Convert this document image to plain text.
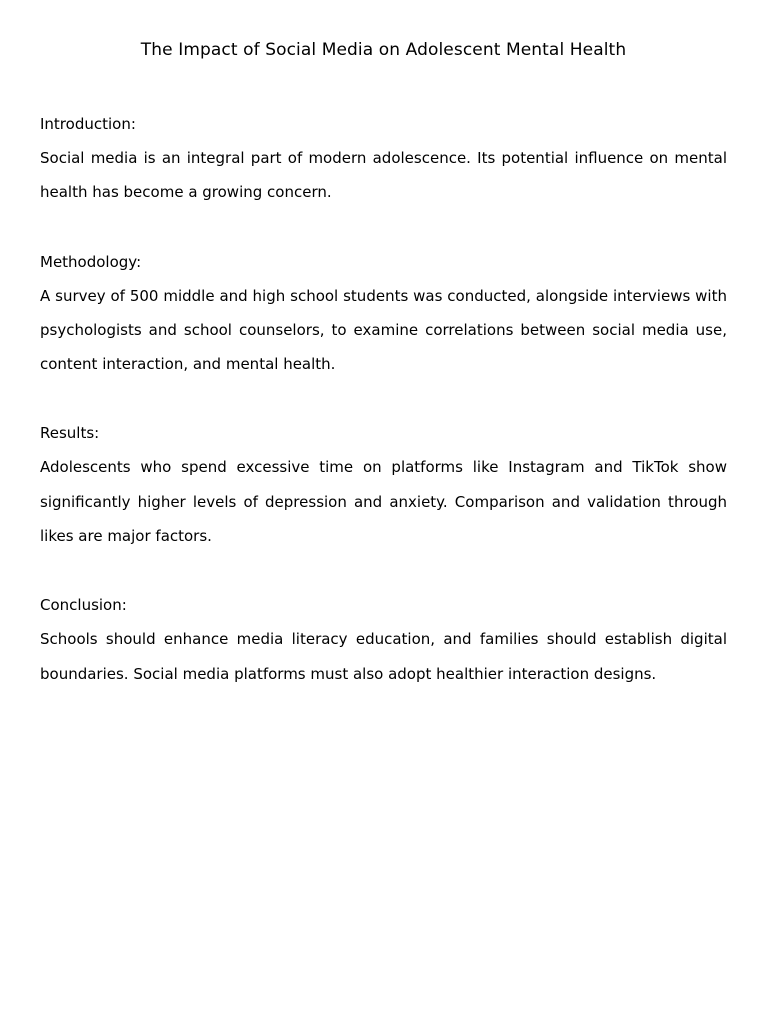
The Impact of Social Media on Adolescent Mental Health

Introduction:

Social media is an integral part of modern adolescence. Its potential influence on mental health has become a growing concern.

Methodology:

A survey of 500 middle and high school students was conducted, alongside interviews with psychologists and school counselors, to examine correlations between social media use, content interaction, and mental health.

Results:

Adolescents who spend excessive time on platforms like Instagram and TikTok show significantly higher levels of depression and anxiety. Comparison and validation through likes are major factors.

Conclusion:

Schools should enhance media literacy education, and families should establish digital boundaries. Social media platforms must also adopt healthier interaction designs.
